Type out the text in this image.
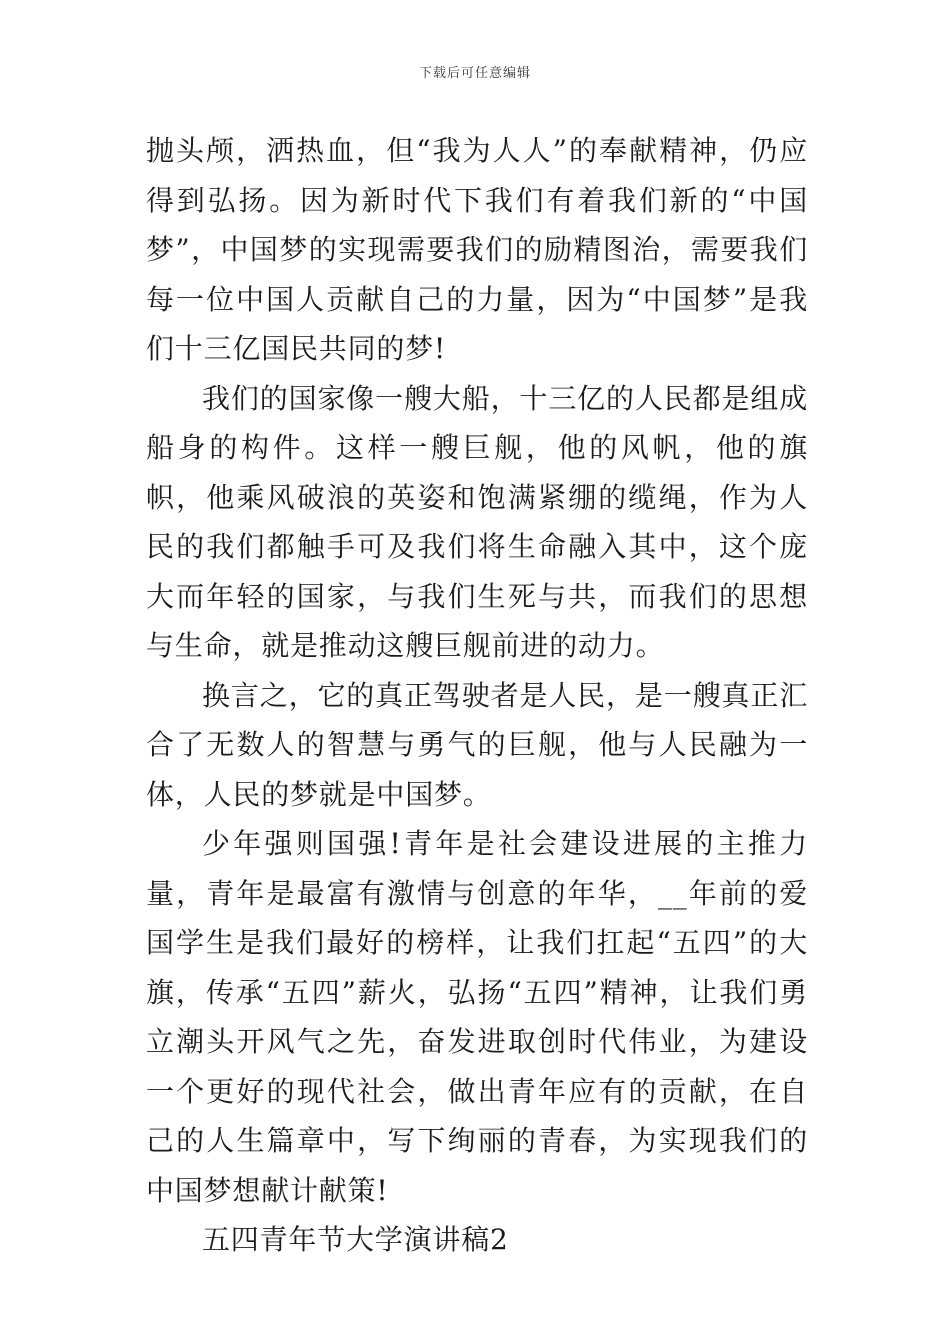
下载后可任意编辑

抛头颅，洒热血，但“我为人人”的奉献精神，仍应得到弘扬。因为新时代下我们有着我们新的“中国梦”，中国梦的实现需要我们的励精图治，需要我们每一位中国人贡献自己的力量，因为“中国梦”是我们十三亿国民共同的梦!

我们的国家像一艘大船，十三亿的人民都是组成船身的构件。这样一艘巨舰，他的风帆，他的旗帜，他乘风破浪的英姿和饱满紧绷的缆绳，作为人民的我们都触手可及我们将生命融入其中，这个庞大而年轻的国家，与我们生死与共，而我们的思想与生命，就是推动这艘巨舰前进的动力。

换言之，它的真正驾驶者是人民，是一艘真正汇合了无数人的智慧与勇气的巨舰，他与人民融为一体，人民的梦就是中国梦。

少年强则国强!青年是社会建设进展的主推力量，青年是最富有激情与创意的年华，__年前的爱国学生是我们最好的榜样，让我们扛起“五四”的大旗，传承“五四”薪火，弘扬“五四”精神，让我们勇立潮头开风气之先，奋发进取创时代伟业，为建设一个更好的现代社会，做出青年应有的贡献，在自己的人生篇章中，写下绚丽的青春，为实现我们的中国梦想献计献策!

五四青年节大学演讲稿2
